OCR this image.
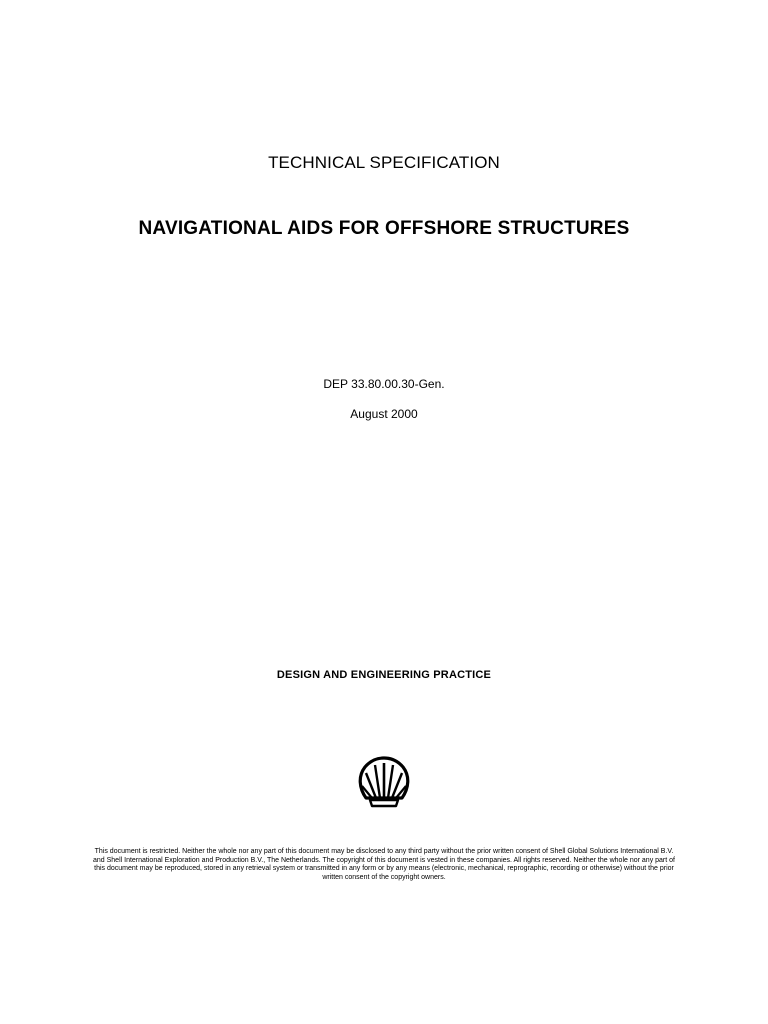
TECHNICAL SPECIFICATION
NAVIGATIONAL AIDS FOR OFFSHORE STRUCTURES
DEP 33.80.00.30-Gen.
August 2000
DESIGN AND ENGINEERING PRACTICE
This document is restricted. Neither the whole nor any part of this document may be disclosed to any third party without the prior written consent of Shell Global Solutions International B.V. and Shell International Exploration and Production B.V., The Netherlands. The copyright of this document is vested in these companies. All rights reserved. Neither the whole nor any part of this document may be reproduced, stored in any retrieval system or transmitted in any form or by any means (electronic, mechanical, reprographic, recording or otherwise) without the prior written consent of the copyright owners.
